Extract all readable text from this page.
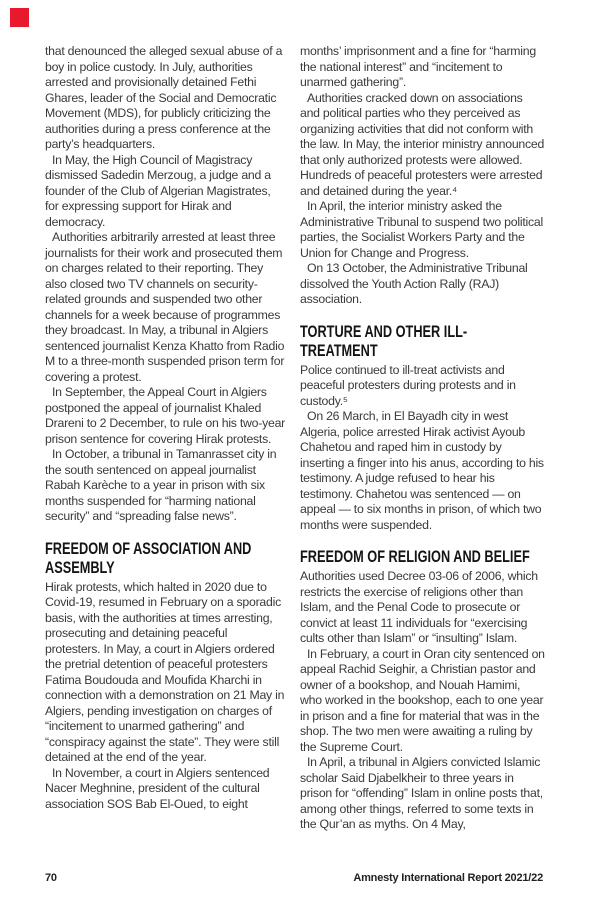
that denounced the alleged sexual abuse of a boy in police custody. In July, authorities arrested and provisionally detained Fethi Ghares, leader of the Social and Democratic Movement (MDS), for publicly criticizing the authorities during a press conference at the party’s headquarters.

In May, the High Council of Magistracy dismissed Sadedin Merzoug, a judge and a founder of the Club of Algerian Magistrates, for expressing support for Hirak and democracy.

Authorities arbitrarily arrested at least three journalists for their work and prosecuted them on charges related to their reporting. They also closed two TV channels on security-related grounds and suspended two other channels for a week because of programmes they broadcast. In May, a tribunal in Algiers sentenced journalist Kenza Khatto from Radio M to a three-month suspended prison term for covering a protest.

In September, the Appeal Court in Algiers postponed the appeal of journalist Khaled Drareni to 2 December, to rule on his two-year prison sentence for covering Hirak protests.

In October, a tribunal in Tamanrasset city in the south sentenced on appeal journalist Rabah Karèche to a year in prison with six months suspended for “harming national security” and “spreading false news”.

FREEDOM OF ASSOCIATION AND ASSEMBLY

Hirak protests, which halted in 2020 due to Covid-19, resumed in February on a sporadic basis, with the authorities at times arresting, prosecuting and detaining peaceful protesters. In May, a court in Algiers ordered the pretrial detention of peaceful protesters Fatima Boudouda and Moufida Kharchi in connection with a demonstration on 21 May in Algiers, pending investigation on charges of “incitement to unarmed gathering” and “conspiracy against the state”. They were still detained at the end of the year.

In November, a court in Algiers sentenced Nacer Meghnine, president of the cultural association SOS Bab El-Oued, to eight

months’ imprisonment and a fine for “harming the national interest” and “incitement to unarmed gathering”.

Authorities cracked down on associations and political parties who they perceived as organizing activities that did not conform with the law. In May, the interior ministry announced that only authorized protests were allowed. Hundreds of peaceful protesters were arrested and detained during the year.⁴

In April, the interior ministry asked the Administrative Tribunal to suspend two political parties, the Socialist Workers Party and the Union for Change and Progress.

On 13 October, the Administrative Tribunal dissolved the Youth Action Rally (RAJ) association.

TORTURE AND OTHER ILL-TREATMENT

Police continued to ill-treat activists and peaceful protesters during protests and in custody.⁵

On 26 March, in El Bayadh city in west Algeria, police arrested Hirak activist Ayoub Chahetou and raped him in custody by inserting a finger into his anus, according to his testimony. A judge refused to hear his testimony. Chahetou was sentenced — on appeal — to six months in prison, of which two months were suspended.

FREEDOM OF RELIGION AND BELIEF

Authorities used Decree 03-06 of 2006, which restricts the exercise of religions other than Islam, and the Penal Code to prosecute or convict at least 11 individuals for “exercising cults other than Islam” or “insulting” Islam.

In February, a court in Oran city sentenced on appeal Rachid Seighir, a Christian pastor and owner of a bookshop, and Nouah Hamimi, who worked in the bookshop, each to one year in prison and a fine for material that was in the shop. The two men were awaiting a ruling by the Supreme Court.

In April, a tribunal in Algiers convicted Islamic scholar Said Djabelkheir to three years in prison for “offending” Islam in online posts that, among other things, referred to some texts in the Qur’an as myths. On 4 May,

70	Amnesty International Report 2021/22
